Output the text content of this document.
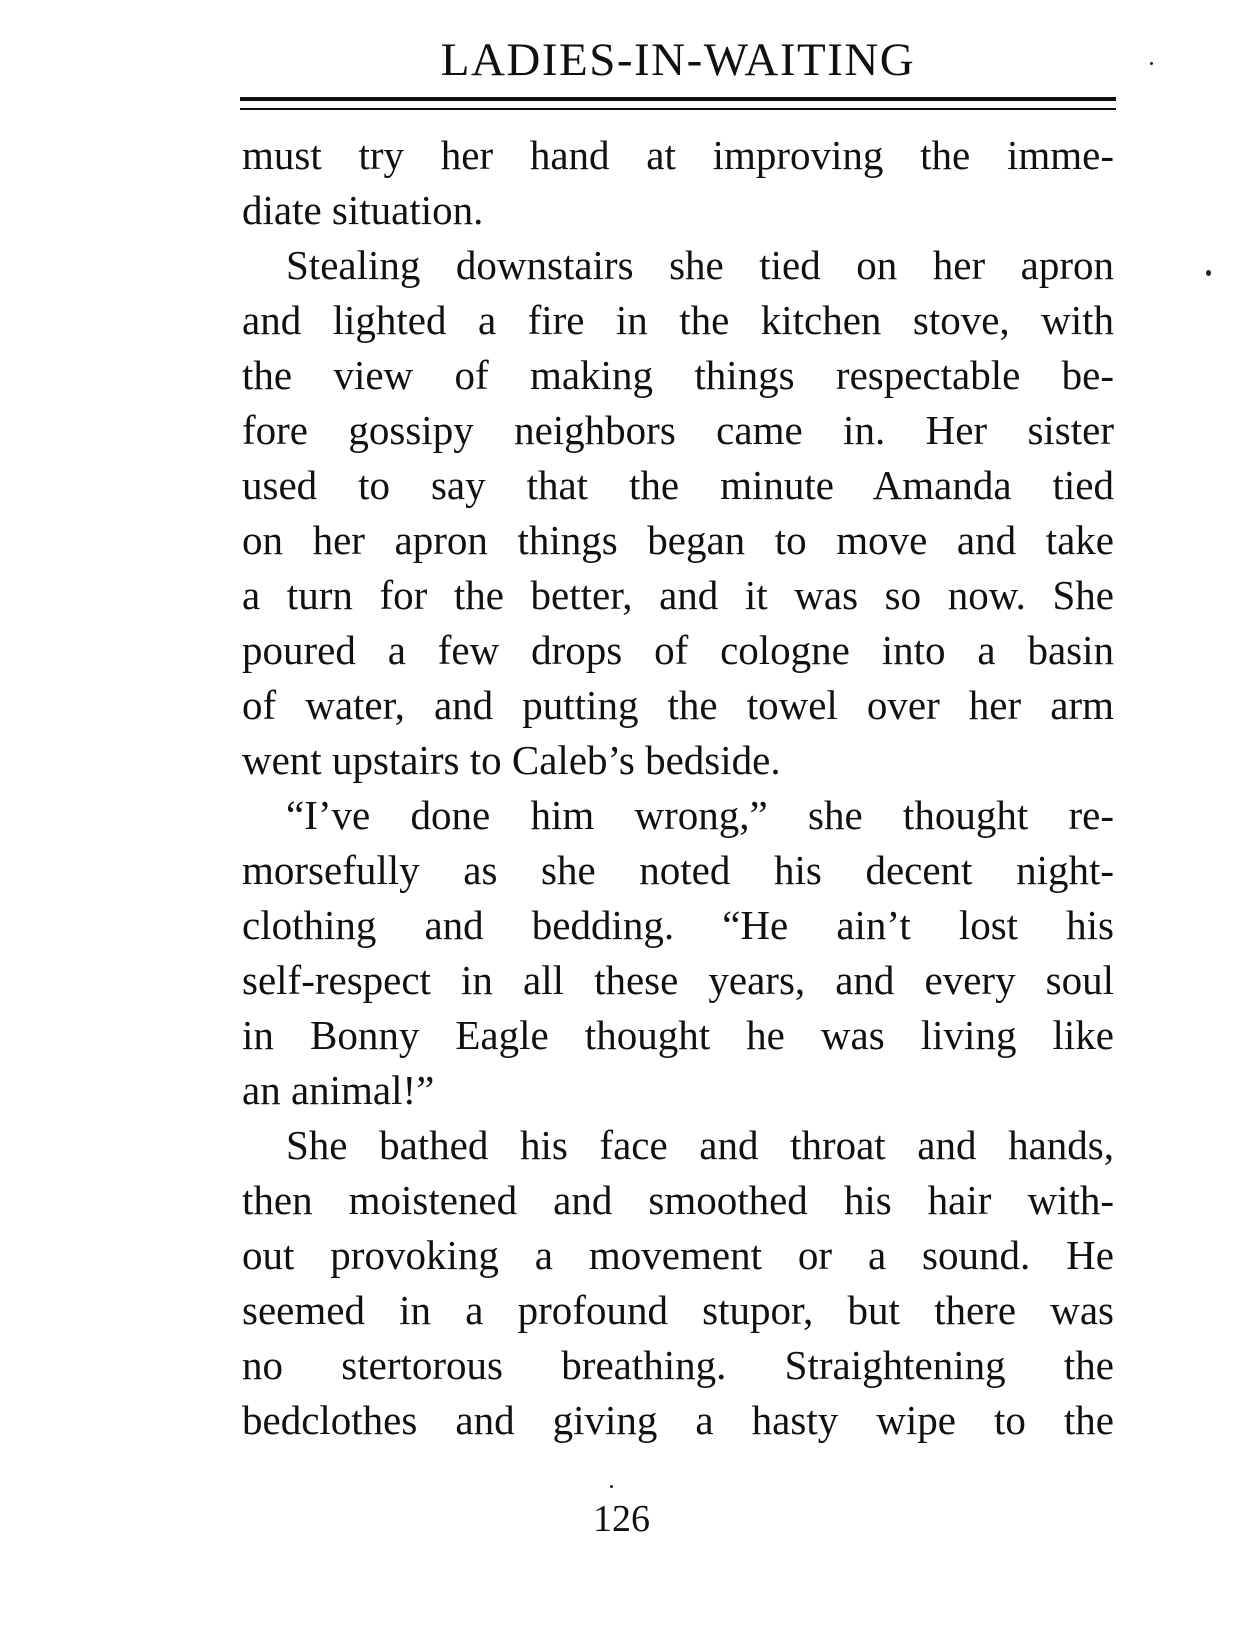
LADIES-IN-WAITING
must try her hand at improving the imme-
diate situation.
Stealing downstairs she tied on her apron
and lighted a fire in the kitchen stove, with
the view of making things respectable be-
fore gossipy neighbors came in. Her sister
used to say that the minute Amanda tied
on her apron things began to move and take
a turn for the better, and it was so now. She
poured a few drops of cologne into a basin
of water, and putting the towel over her arm
went upstairs to Caleb’s bedside.
“I’ve done him wrong,” she thought re-
morsefully as she noted his decent night-
clothing and bedding. “He ain’t lost his
self-respect in all these years, and every soul
in Bonny Eagle thought he was living like
an animal!”
She bathed his face and throat and hands,
then moistened and smoothed his hair with-
out provoking a movement or a sound. He
seemed in a profound stupor, but there was
no stertorous breathing. Straightening the
bedclothes and giving a hasty wipe to the
126
